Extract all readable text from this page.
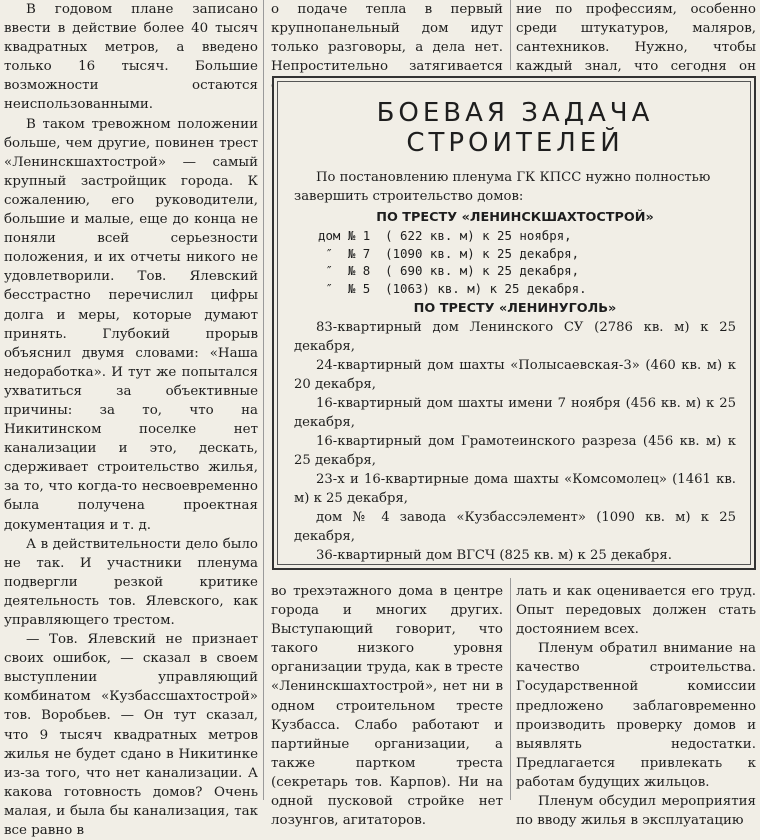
В годовом плане записано ввести в действие более 40 тысяч квадратных метров, а введено только 16 тысяч. Большие возможности остаются неиспользованными.

В таком тревожном положении больше, чем другие, повинен трест «Ленинскшахтострой» — самый крупный застройщик города. К сожалению, его руководители, большие и малые, еще до конца не поняли всей серьезности положения, и их отчеты никого не удовлетворили. Тов. Ялевский бесстрастно перечислил цифры долга и меры, которые думают принять. Глубокий прорыв объяснил двумя словами: «Наша недоработка». И тут же попытался ухватиться за объективные причины: за то, что на Никитинском поселке нет канализации и это, дескать, сдерживает строительство жилья, за то, что когда-то несвоевременно была получена проектная документация и т. д.

А в действительности дело было не так. И участники пленума подвергли резкой критике деятельность тов. Ялевского, как управляющего трестом.

— Тов. Ялевский не признает своих ошибок, — сказал в своем выступлении управляющий комбинатом «Кузбассшахтострой» тов. Воробьев. — Он тут сказал, что 9 тысяч квадратных метров жилья не будет сдано в Никитинке из-за того, что нет канализации. А какова готовность домов? Очень малая, и была бы канализация, так все равно в

о подаче тепла в первый крупнопанельный дом идут только разговоры, а дела нет. Непростительно затягивается

ние по профессиям, особенно среди штукатуров, маляров, сантехников. Нужно, чтобы каждый знал, что сегодня он

БОЕВАЯ ЗАДАЧА
СТРОИТЕЛЕЙ

По постановлению пленума ГК КПСС нужно полностью завершить строительство домов:

ПО ТРЕСТУ «ЛЕНИНСКШАХТОСТРОЙ»

дом № 1  ( 622 кв. м) к 25 ноября,
″  № 7  (1090 кв. м) к 25 декабря,
″  № 8  ( 690 кв. м) к 25 декабря,
″  № 5  (1063) кв. м) к 25 декабря.

ПО ТРЕСТУ «ЛЕНИНУГОЛЬ»

83-квартирный дом Ленинского СУ (2786 кв. м) к 25 декабря,

24-квартирный дом шахты «Полысаевская-3» (460 кв. м) к 20 декабря,

16-квартирный дом шахты имени 7 ноября (456 кв. м) к 25 декабря,

16-квартирный дом Грамотеинского разреза (456 кв. м) к 25 декабря,

23-х и 16-квартирные дома шахты «Комсомолец» (1461 кв. м) к 25 декабря,

дом № 4 завода «Кузбассэлемент» (1090 кв. м) к 25 декабря,

36-квартирный дом ВГСЧ (825 кв. м) к 25 декабря.

во трехэтажного дома в центре города и многих других. Выступающий говорит, что такого низкого уровня организации труда, как в тресте «Ленинскшахтострой», нет ни в одном строительном тресте Кузбасса. Слабо работают и партийные организации, а также партком треста (секретарь тов. Карпов). Ни на одной пусковой стройке нет лозунгов, агитаторов.

лать и как оценивается его труд. Опыт передовых должен стать достоянием всех.

Пленум обратил внимание на качество строительства. Государственной комиссии предложено заблаговременно производить проверку домов и выявлять недостатки. Предлагается привлекать к работам будущих жильцов.

Пленум обсудил мероприятия по вводу жилья в эксплуатацию
